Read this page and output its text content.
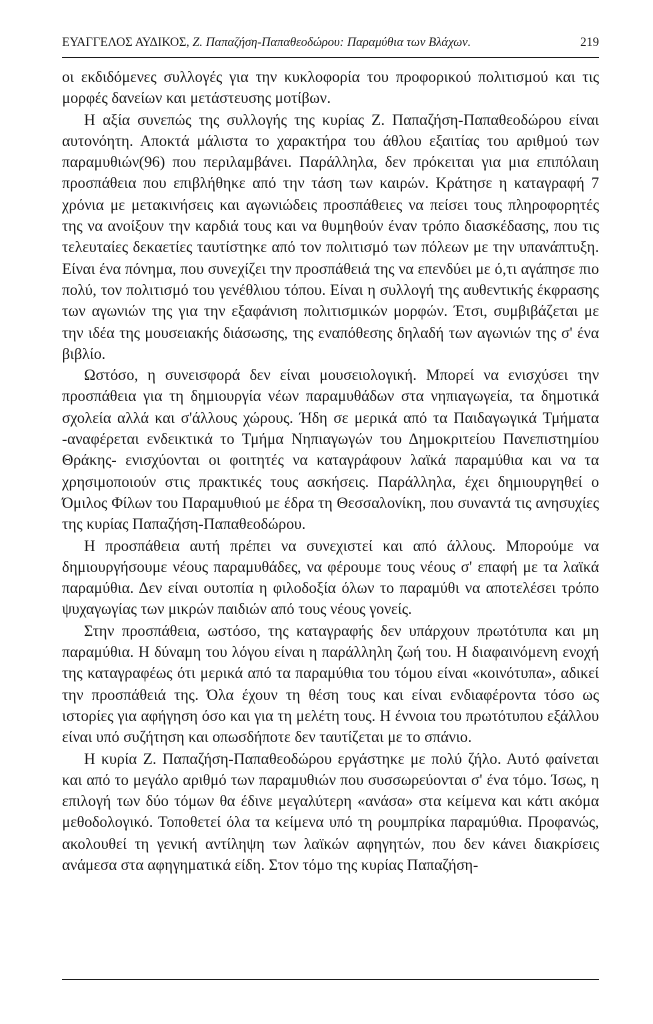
ΕΥΑΓΓΕΛΟΣ ΑΥΔΙΚΟΣ, Ζ. Παπαζήση-Παπαθεοδώρου: Παραμύθια των Βλάχων.	219

οι εκδιδόμενες συλλογές για την κυκλοφορία του προφορικού πολιτισμού και τις μορφές δανείων και μετάστευσης μοτίβων.

Η αξία συνεπώς της συλλογής της κυρίας Ζ. Παπαζήση-Παπαθεοδώρου είναι αυτονόητη. Αποκτά μάλιστα το χαρακτήρα του άθλου εξαιτίας του αριθμού των παραμυθιών(96) που περιλαμβάνει. Παράλληλα, δεν πρόκειται για μια επιπόλαιη προσπάθεια που επιβλήθηκε από την τάση των καιρών. Κράτησε η καταγραφή 7 χρόνια με μετακινήσεις και αγωνιώδεις προσπάθειες να πείσει τους πληροφορητές της να ανοίξουν την καρδιά τους και να θυμηθούν έναν τρόπο διασκέδασης, που τις τελευταίες δεκαετίες ταυτίστηκε από τον πολιτισμό των πόλεων με την υπανάπτυξη. Είναι ένα πόνημα, που συνεχίζει την προσπάθειά της να επενδύει με ό,τι αγάπησε πιο πολύ, τον πολιτισμό του γενέθλιου τόπου. Είναι η συλλογή της αυθεντικής έκφρασης των αγωνιών της για την εξαφάνιση πολιτισμικών μορφών. Έτσι, συμβιβάζεται με την ιδέα της μουσειακής διάσωσης, της εναπόθεσης δηλαδή των αγωνιών της σ' ένα βιβλίο.

Ωστόσο, η συνεισφορά δεν είναι μουσειολογική. Μπορεί να ενισχύσει την προσπάθεια για τη δημιουργία νέων παραμυθάδων στα νηπιαγωγεία, τα δημοτικά σχολεία αλλά και σ'άλλους χώρους. Ήδη σε μερικά από τα Παιδαγωγικά Τμήματα -αναφέρεται ενδεικτικά το Τμήμα Νηπιαγωγών του Δημοκριτείου Πανεπιστημίου Θράκης- ενισχύονται οι φοιτητές να καταγράφουν λαϊκά παραμύθια και να τα χρησιμοποιούν στις πρακτικές τους ασκήσεις. Παράλληλα, έχει δημιουργηθεί ο Όμιλος Φίλων του Παραμυθιού με έδρα τη Θεσσαλονίκη, που συναντά τις ανησυχίες της κυρίας Παπαζήση-Παπαθεοδώρου.

Η προσπάθεια αυτή πρέπει να συνεχιστεί και από άλλους. Μπορούμε να δημιουργήσουμε νέους παραμυθάδες, να φέρουμε τους νέους σ' επαφή με τα λαϊκά παραμύθια. Δεν είναι ουτοπία η φιλοδοξία όλων το παραμύθι να αποτελέσει τρόπο ψυχαγωγίας των μικρών παιδιών από τους νέους γονείς.

Στην προσπάθεια, ωστόσο, της καταγραφής δεν υπάρχουν πρωτότυπα και μη παραμύθια. Η δύναμη του λόγου είναι η παράλληλη ζωή του. Η διαφαινόμενη ενοχή της καταγραφέως ότι μερικά από τα παραμύθια του τόμου είναι «κοινότυπα», αδικεί την προσπάθειά της. Όλα έχουν τη θέση τους και είναι ενδιαφέροντα τόσο ως ιστορίες για αφήγηση όσο και για τη μελέτη τους. Η έννοια του πρωτότυπου εξάλλου είναι υπό συζήτηση και οπωσδήποτε δεν ταυτίζεται με το σπάνιο.

Η κυρία Ζ. Παπαζήση-Παπαθεοδώρου εργάστηκε με πολύ ζήλο. Αυτό φαίνεται και από το μεγάλο αριθμό των παραμυθιών που συσσωρεύονται σ' ένα τόμο. Ίσως, η επιλογή των δύο τόμων θα έδινε μεγαλύτερη «ανάσα» στα κείμενα και κάτι ακόμα μεθοδολογικό. Τοποθετεί όλα τα κείμενα υπό τη ρουμπρίκα παραμύθια. Προφανώς, ακολουθεί τη γενική αντίληψη των λαϊκών αφηγητών, που δεν κάνει διακρίσεις ανάμεσα στα αφηγηματικά είδη. Στον τόμο της κυρίας Παπαζήση-
